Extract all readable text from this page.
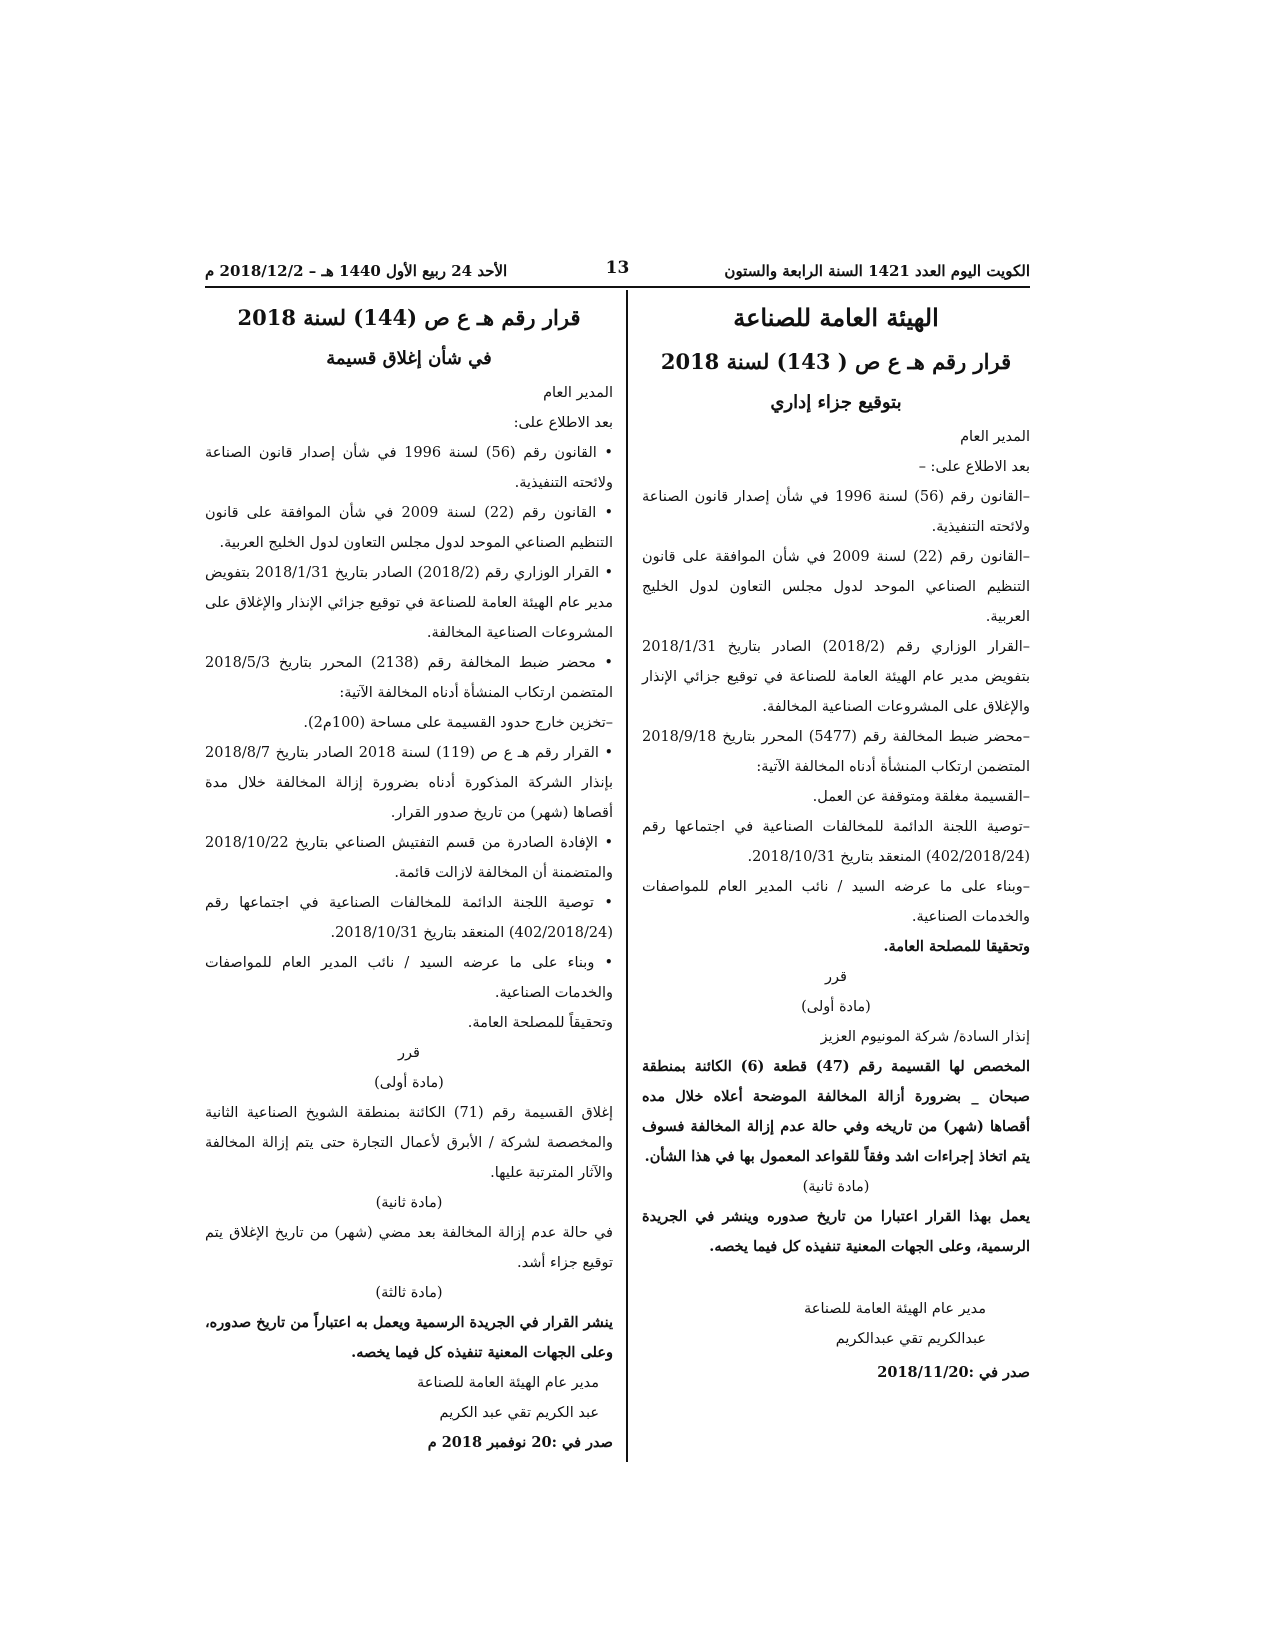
الكويت اليوم العدد 1421 السنة الرابعة والستون
13
الأحد 24 ربيع الأول 1440 هـ – 2018/12/2 م

الهيئة العامة للصناعة

قرار رقم هـ ع ص ( 143) لسنة 2018

بتوقيع جزاء إداري

المدير العام

بعد الاطلاع على: –

–القانون رقم (56) لسنة 1996 في شأن إصدار قانون الصناعة ولائحته التنفيذية.

–القانون رقم (22) لسنة 2009 في شأن الموافقة على قانون التنظيم الصناعي الموحد لدول مجلس التعاون لدول الخليج العربية.

–القرار الوزاري رقم (2018/2) الصادر بتاريخ 2018/1/31 بتفويض مدير عام الهيئة العامة للصناعة في توقيع جزائي الإنذار والإغلاق على المشروعات الصناعية المخالفة.

–محضر ضبط المخالفة رقم (5477) المحرر بتاريخ 2018/9/18 المتضمن ارتكاب المنشأة أدناه المخالفة الآتية:

–القسيمة مغلقة ومتوقفة عن العمل.

–توصية اللجنة الدائمة للمخالفات الصناعية في اجتماعها رقم (402/2018/24) المنعقد بتاريخ 2018/10/31.

–وبناء على ما عرضه السيد / نائب المدير العام للمواصفات والخدمات الصناعية.

وتحقيقا للمصلحة العامة.

قرر

(مادة أولى)

إنذار السادة/ شركة المونيوم العزيز

المخصص لها القسيمة رقم (47) قطعة (6) الكائنة بمنطقة صبحان _ بضرورة أزالة المخالفة الموضحة أعلاه خلال مده أقصاها (شهر) من تاريخه وفي حالة عدم إزالة المخالفة فسوف يتم اتخاذ إجراءات اشد وفقاً للقواعد المعمول بها في هذا الشأن.

(مادة ثانية)

يعمل بهذا القرار اعتبارا من تاريخ صدوره وينشر في الجريدة الرسمية، وعلى الجهات المعنية تنفيذه كل فيما يخصه.

مدير عام الهيئة العامة للصناعة

عبدالكريم تقي عبدالكريم

صدر في :2018/11/20

قرار رقم هـ ع ص (144) لسنة 2018

في شأن إغلاق قسيمة

المدير العام

بعد الاطلاع على:

• القانون رقم (56) لسنة 1996 في شأن إصدار قانون الصناعة ولائحته التنفيذية.

• القانون رقم (22) لسنة 2009 في شأن الموافقة على قانون التنظيم الصناعي الموحد لدول مجلس التعاون لدول الخليج العربية.

• القرار الوزاري رقم (2018/2) الصادر بتاريخ 2018/1/31 بتفويض مدير عام الهيئة العامة للصناعة في توقيع جزائي الإنذار والإغلاق على المشروعات الصناعية المخالفة.

• محضر ضبط المخالفة رقم (2138) المحرر بتاريخ 2018/5/3 المتضمن ارتكاب المنشأة أدناه المخالفة الآتية:

–تخزين خارج حدود القسيمة على مساحة (100م2).

• القرار رقم هـ ع ص (119) لسنة 2018 الصادر بتاريخ 2018/8/7 بإنذار الشركة المذكورة أدناه بضرورة إزالة المخالفة خلال مدة أقصاها (شهر) من تاريخ صدور القرار.

• الإفادة الصادرة من قسم التفتيش الصناعي بتاريخ 2018/10/22 والمتضمنة أن المخالفة لازالت قائمة.

• توصية اللجنة الدائمة للمخالفات الصناعية في اجتماعها رقم (402/2018/24) المنعقد بتاريخ 2018/10/31.

• وبناء على ما عرضه السيد / نائب المدير العام للمواصفات والخدمات الصناعية.

وتحقيقاً للمصلحة العامة.

قرر

(مادة أولى)

إغلاق القسيمة رقم (71) الكائنة بمنطقة الشويخ الصناعية الثانية والمخصصة لشركة / الأبرق لأعمال التجارة حتى يتم إزالة المخالفة والآثار المترتبة عليها.

(مادة ثانية)

في حالة عدم إزالة المخالفة بعد مضي (شهر) من تاريخ الإغلاق يتم توقيع جزاء أشد.

(مادة ثالثة)

ينشر القرار في الجريدة الرسمية ويعمل به اعتباراً من تاريخ صدوره، وعلى الجهات المعنية تنفيذه كل فيما يخصه.

مدير عام الهيئة العامة للصناعة

عبد الكريم تقي عبد الكريم

صدر في :20 نوفمبر 2018 م
